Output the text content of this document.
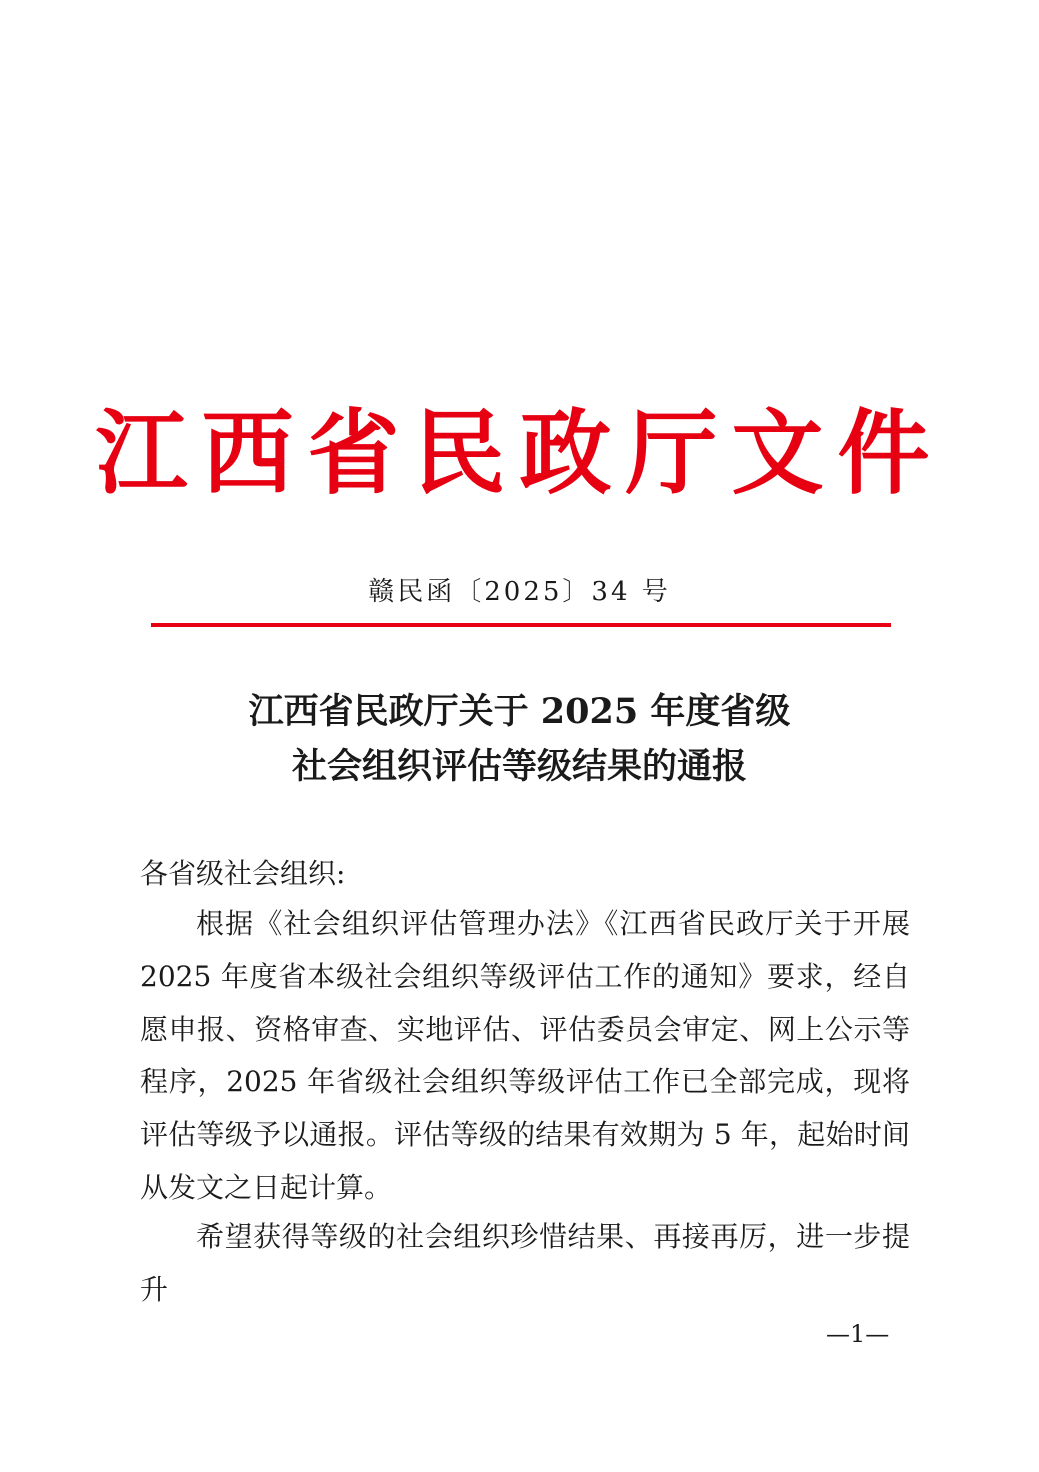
江西省民政厅文件
赣民函〔2025〕34 号
江西省民政厅关于 2025 年度省级
社会组织评估等级结果的通报
各省级社会组织:

根据《社会组织评估管理办法》《江西省民政厅关于开展 2025 年度省本级社会组织等级评估工作的通知》要求，经自愿申报、资格审查、实地评估、评估委员会审定、网上公示等程序，2025 年省级社会组织等级评估工作已全部完成，现将评估等级予以通报。评估等级的结果有效期为 5 年，起始时间从发文之日起计算。

希望获得等级的社会组织珍惜结果、再接再厉，进一步提升

—1—
